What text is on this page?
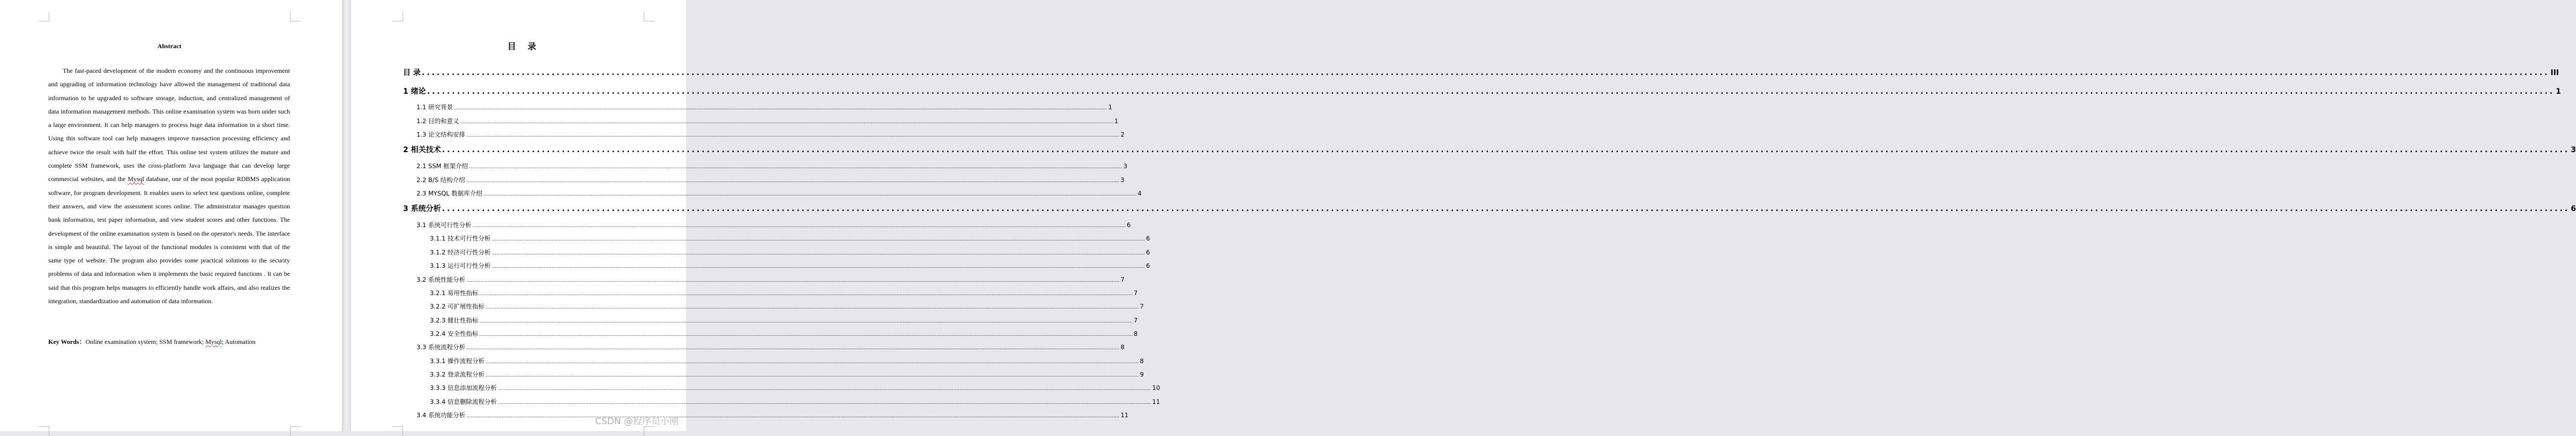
Abstract

The fast-paced development of the modern economy and the continuous improvement and upgrading of information technology have allowed the management of traditional data information to be upgraded to software storage, induction, and centralized management of data information management methods. This online examination system was born under such a large environment. It can help managers to process huge data information in a short time. Using this software tool can help managers improve transaction processing efficiency and achieve twice the result with half the effort. This online test system utilizes the mature and complete SSM framework, uses the cross-platform Java language that can develop large commercial websites, and the Mysql database, one of the most popular RDBMS application software, for program development. It enables users to select test questions online, complete their answers, and view the assessment scores online. The administrator manages question bank information, test paper information, and view student scores and other functions. The development of the online examination system is based on the operator's needs. The interface is simple and beautiful. The layout of the functional modules is consistent with that of the same type of website. The program also provides some practical solutions to the security problems of data and information when it implements the basic required functions . It can be said that this program helps managers to efficiently handle work affairs, and also realizes the integration, standardization and automation of data information.

Key Words：Online examination system; SSM framework; Mysql; Automation
目 录
目 录 .....	III
1 绪论 .....	1
1.1 研究背景 .....	1
1.2 目的和意义 .....	1
1.3 论文结构安排 .....	2
2 相关技术 .....	3
2.1 SSM 框架介绍 .....	3
2.2 B/S 结构介绍 .....	3
2.3 MYSQL 数据库介绍 .....	4
3 系统分析 .....	6
3.1 系统可行性分析 .....	6
3.1.1 技术可行性分析 .....	6
3.1.2 经济可行性分析 .....	6
3.1.3 运行可行性分析 .....	6
3.2 系统性能分析 .....	7
3.2.1 易用性指标 .....	7
3.2.2 可扩展性指标 .....	7
3.2.3 健壮性指标 .....	7
3.2.4 安全性指标 .....	8
3.3 系统流程分析 .....	8
3.3.1 操作流程分析 .....	8
3.3.2 登录流程分析 .....	9
3.3.3 信息添加流程分析 .....	10
3.3.4 信息删除流程分析 .....	11
3.4 系统功能分析 .....	11
CSDN @程序员小刚
